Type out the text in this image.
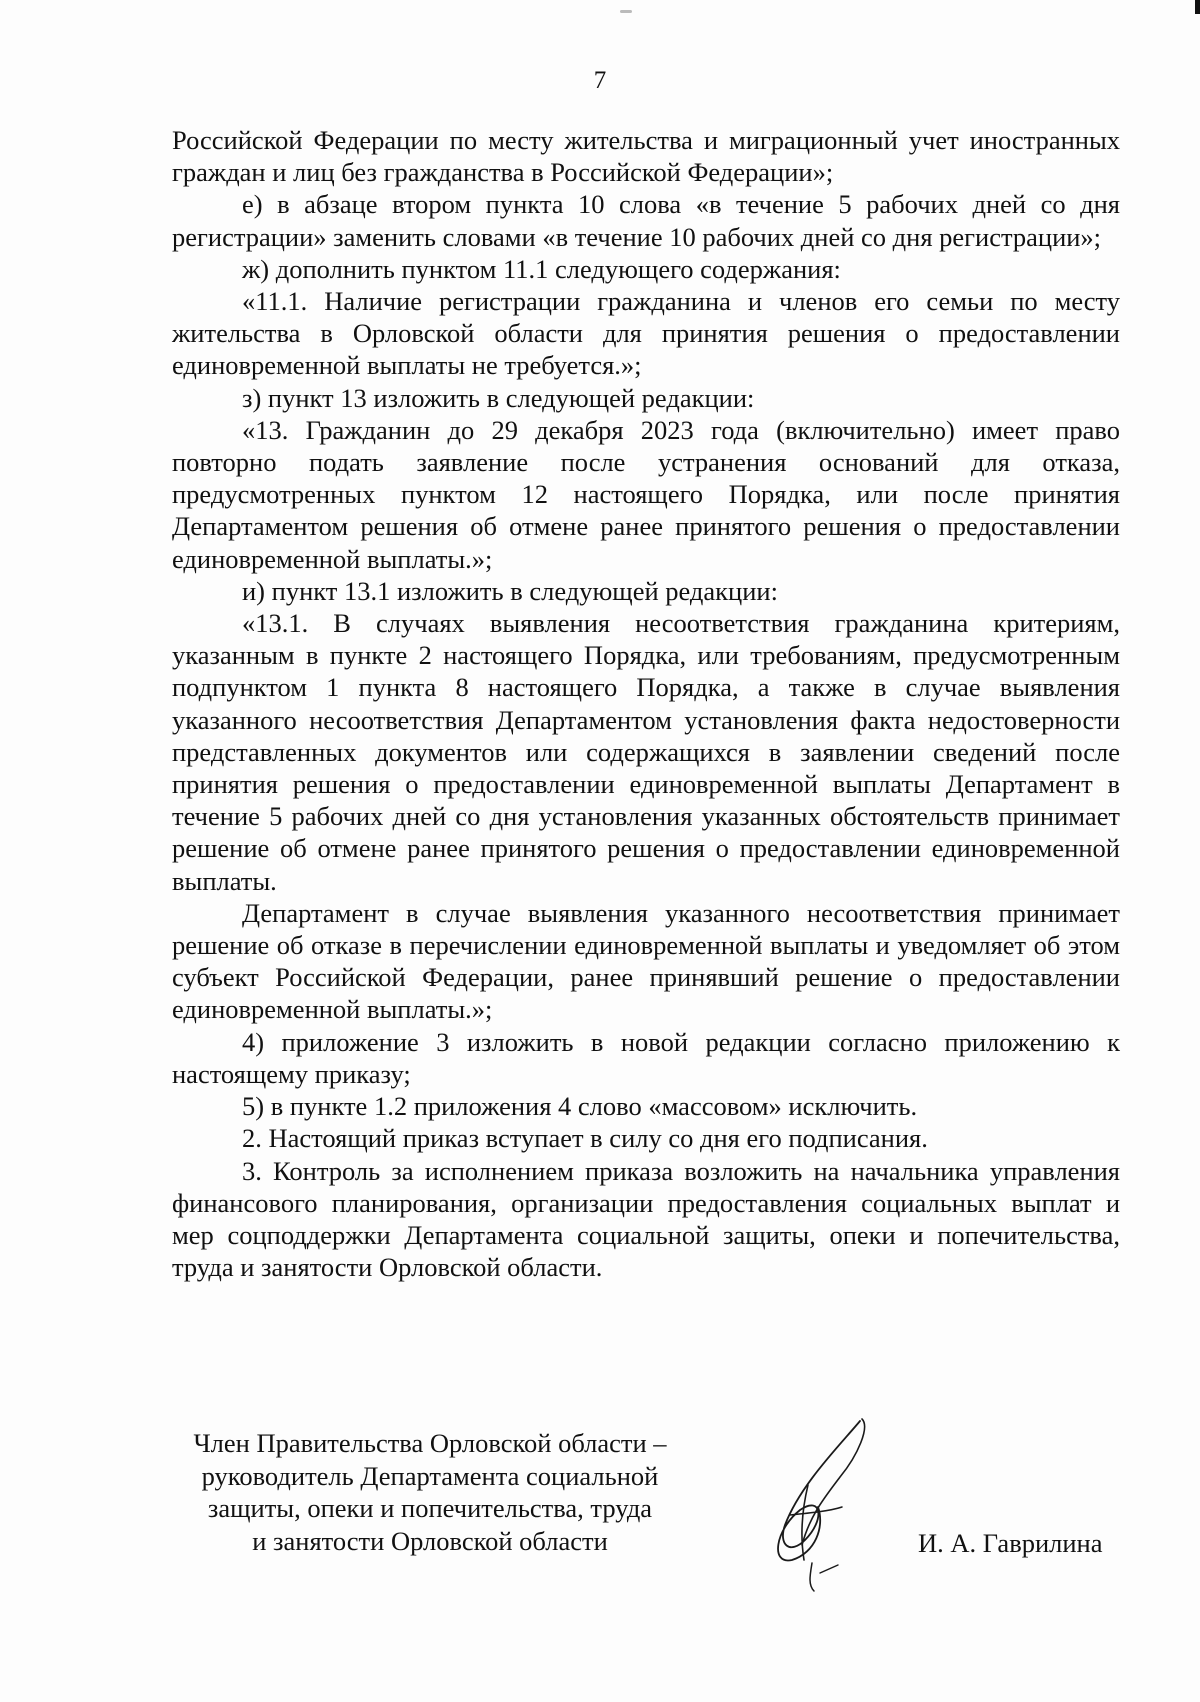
7

Российской Федерации по месту жительства и миграционный учет иностранных граждан и лиц без гражданства в Российской Федерации»;

е) в абзаце втором пункта 10 слова «в течение 5 рабочих дней со дня регистрации» заменить словами «в течение 10 рабочих дней со дня регистрации»;

ж) дополнить пунктом 11.1 следующего содержания:

«11.1. Наличие регистрации гражданина и членов его семьи по месту жительства в Орловской области для принятия решения о предоставлении единовременной выплаты не требуется.»;

з) пункт 13 изложить в следующей редакции:

«13. Гражданин до 29 декабря 2023 года (включительно) имеет право повторно подать заявление после устранения оснований для отказа, предусмотренных пунктом 12 настоящего Порядка, или после принятия Департаментом решения об отмене ранее принятого решения о предоставлении единовременной выплаты.»;

и) пункт 13.1 изложить в следующей редакции:

«13.1. В случаях выявления несоответствия гражданина критериям, указанным в пункте 2 настоящего Порядка, или требованиям, предусмотренным подпунктом 1 пункта 8 настоящего Порядка, а также в случае выявления указанного несоответствия Департаментом установления факта недостоверности представленных документов или содержащихся в заявлении сведений после принятия решения о предоставлении единовременной выплаты Департамент в течение 5 рабочих дней со дня установления указанных обстоятельств принимает решение об отмене ранее принятого решения о предоставлении единовременной выплаты.

Департамент в случае выявления указанного несоответствия принимает решение об отказе в перечислении единовременной выплаты и уведомляет об этом субъект Российской Федерации, ранее принявший решение о предоставлении единовременной выплаты.»;

4) приложение 3 изложить в новой редакции согласно приложению к настоящему приказу;

5) в пункте 1.2 приложения 4 слово «массовом» исключить.

2. Настоящий приказ вступает в силу со дня его подписания.

3. Контроль за исполнением приказа возложить на начальника управления финансового планирования, организации предоставления социальных выплат и мер соцподдержки Департамента социальной защиты, опеки и попечительства, труда и занятости Орловской области.

Член Правительства Орловской области –
руководитель Департамента социальной
защиты, опеки и попечительства, труда
и занятости Орловской области	И. А. Гаврилина
